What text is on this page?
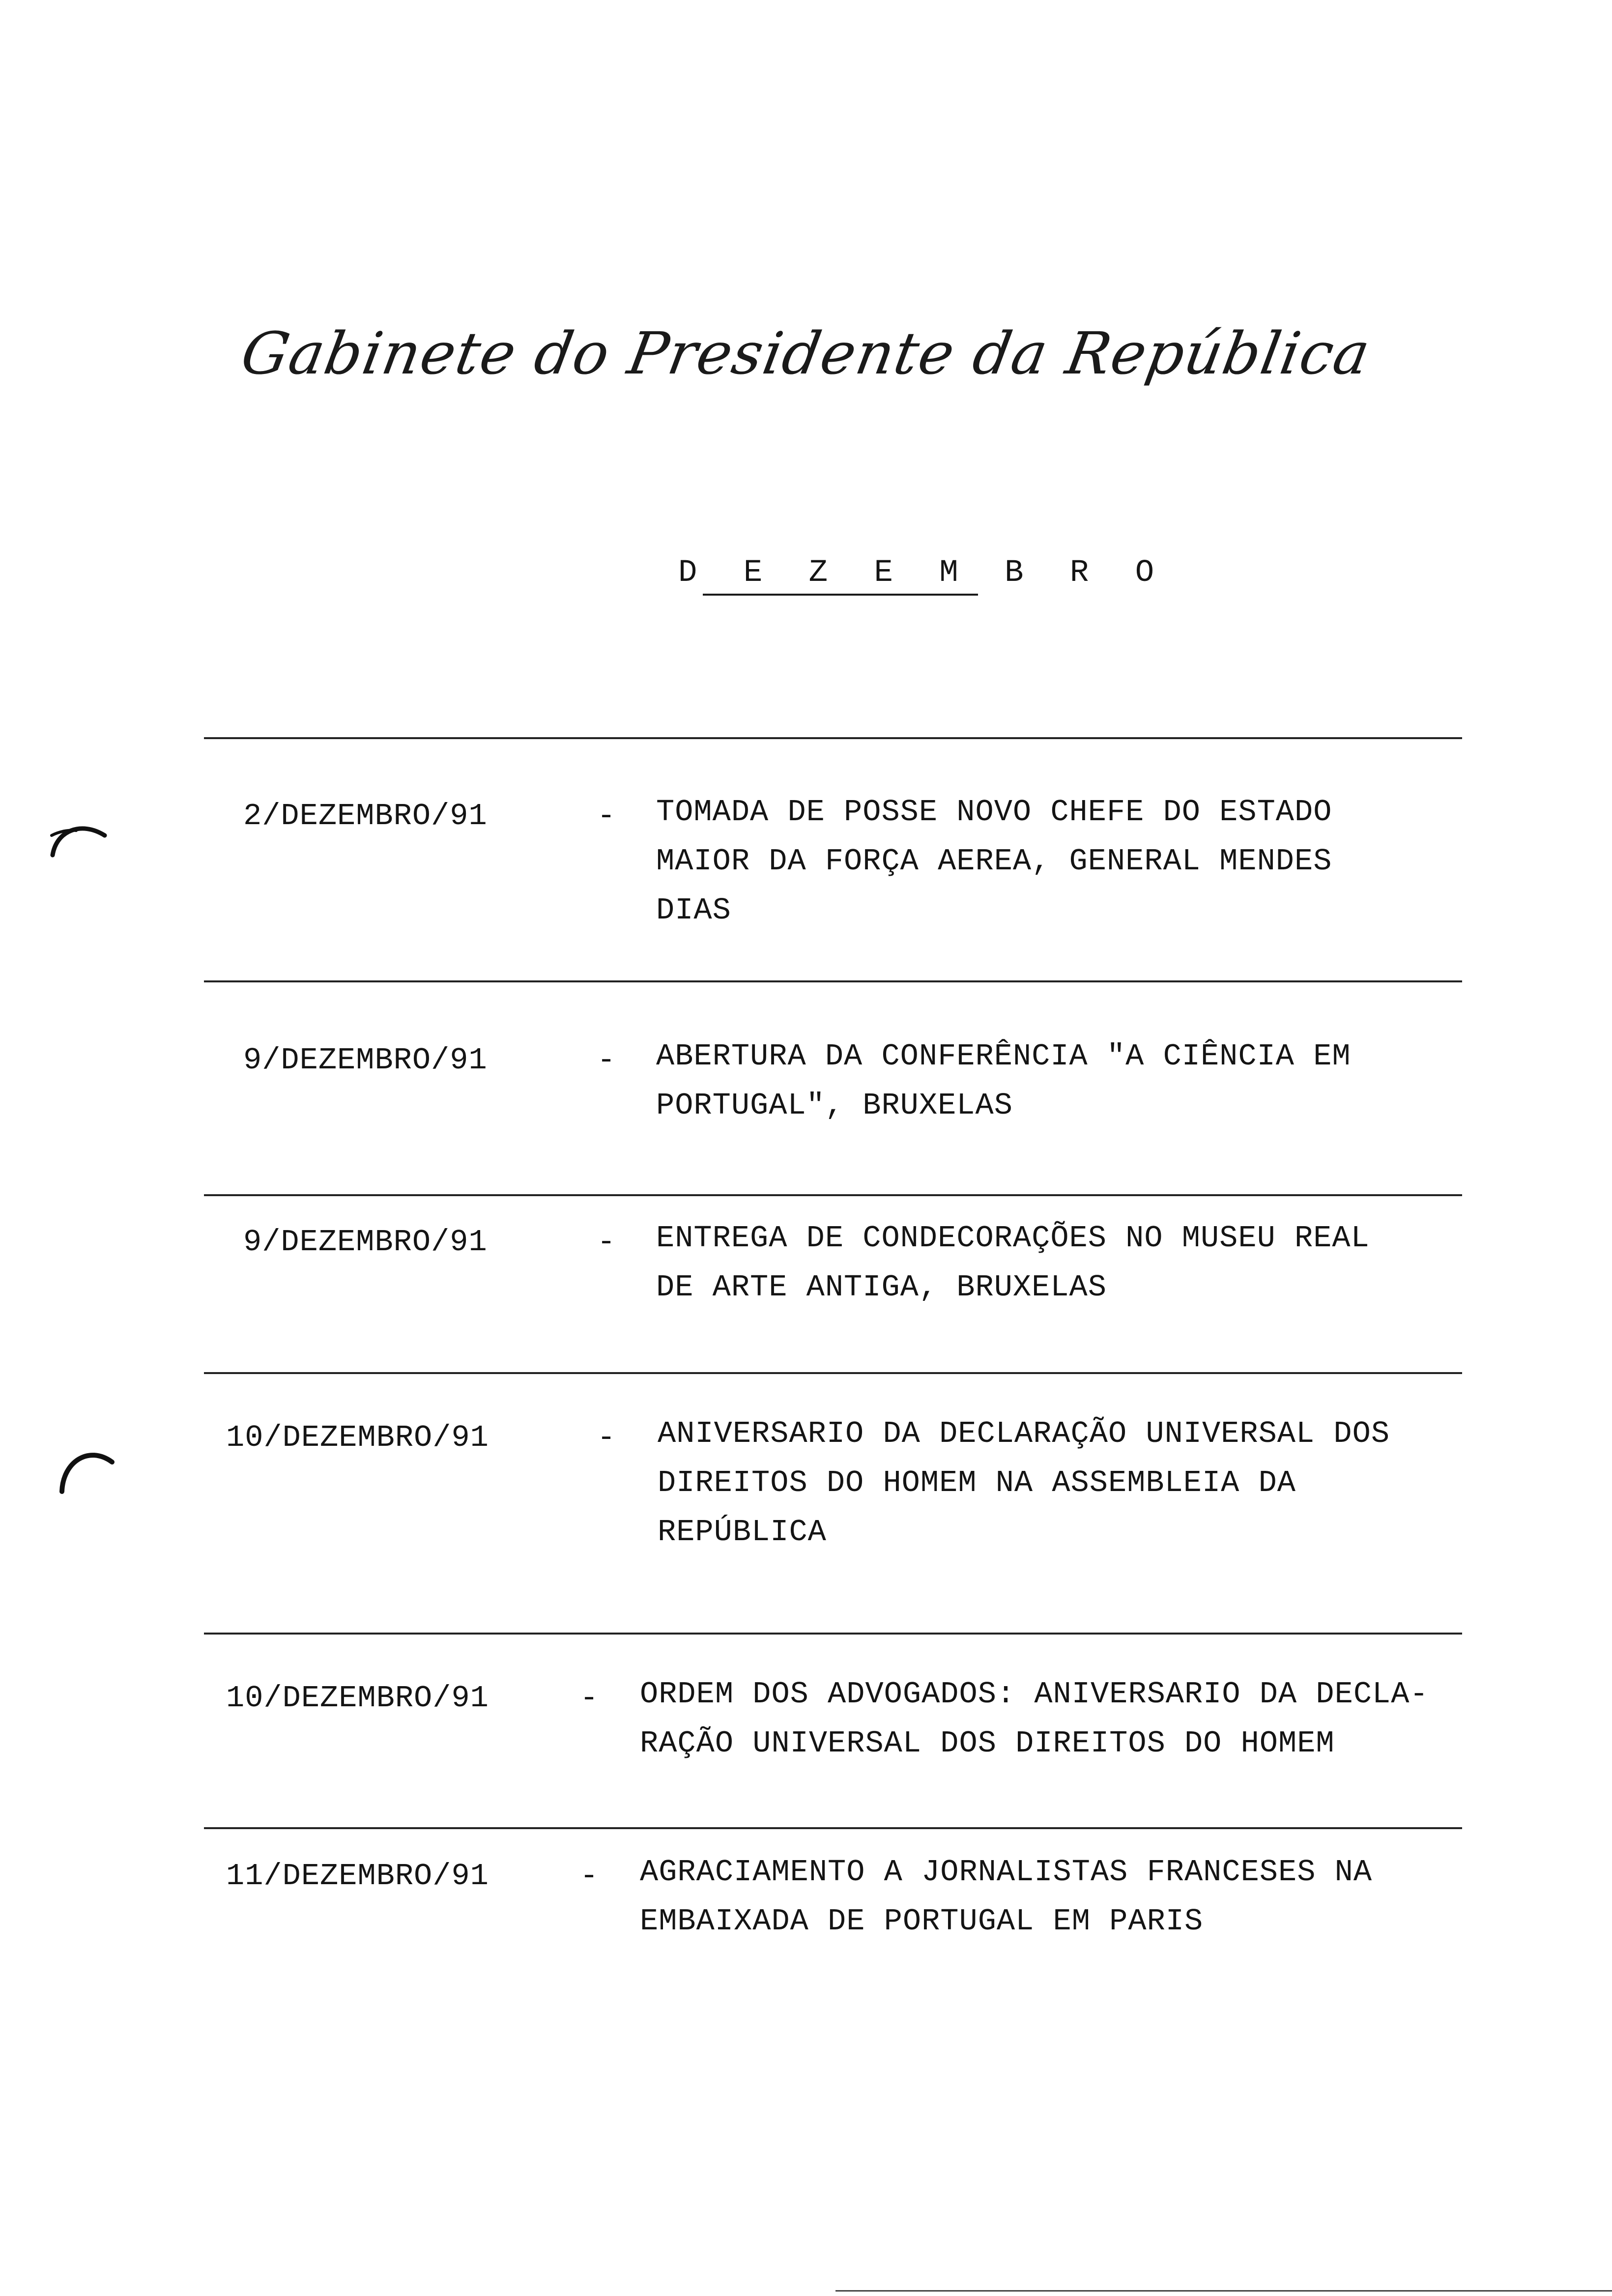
Gabinete do Presidente da República
D E Z E M B R O
2/DEZEMBRO/91	- TOMADA DE POSSE NOVO CHEFE DO ESTADO
MAIOR DA FORÇA AEREA, GENERAL MENDES
DIAS
9/DEZEMBRO/91	- ABERTURA DA CONFERÊNCIA "A CIÊNCIA EM
PORTUGAL", BRUXELAS
9/DEZEMBRO/91	- ENTREGA DE CONDECORAÇÕES NO MUSEU REAL
DE ARTE ANTIGA, BRUXELAS
10/DEZEMBRO/91	- ANIVERSARIO DA DECLARAÇÃO UNIVERSAL DOS
DIREITOS DO HOMEM NA ASSEMBLEIA DA
REPÚBLICA
10/DEZEMBRO/91	- ORDEM DOS ADVOGADOS: ANIVERSARIO DA DECLA-
RAÇÃO UNIVERSAL DOS DIREITOS DO HOMEM
11/DEZEMBRO/91	- AGRACIAMENTO A JORNALISTAS FRANCESES NA
EMBAIXADA DE PORTUGAL EM PARIS
